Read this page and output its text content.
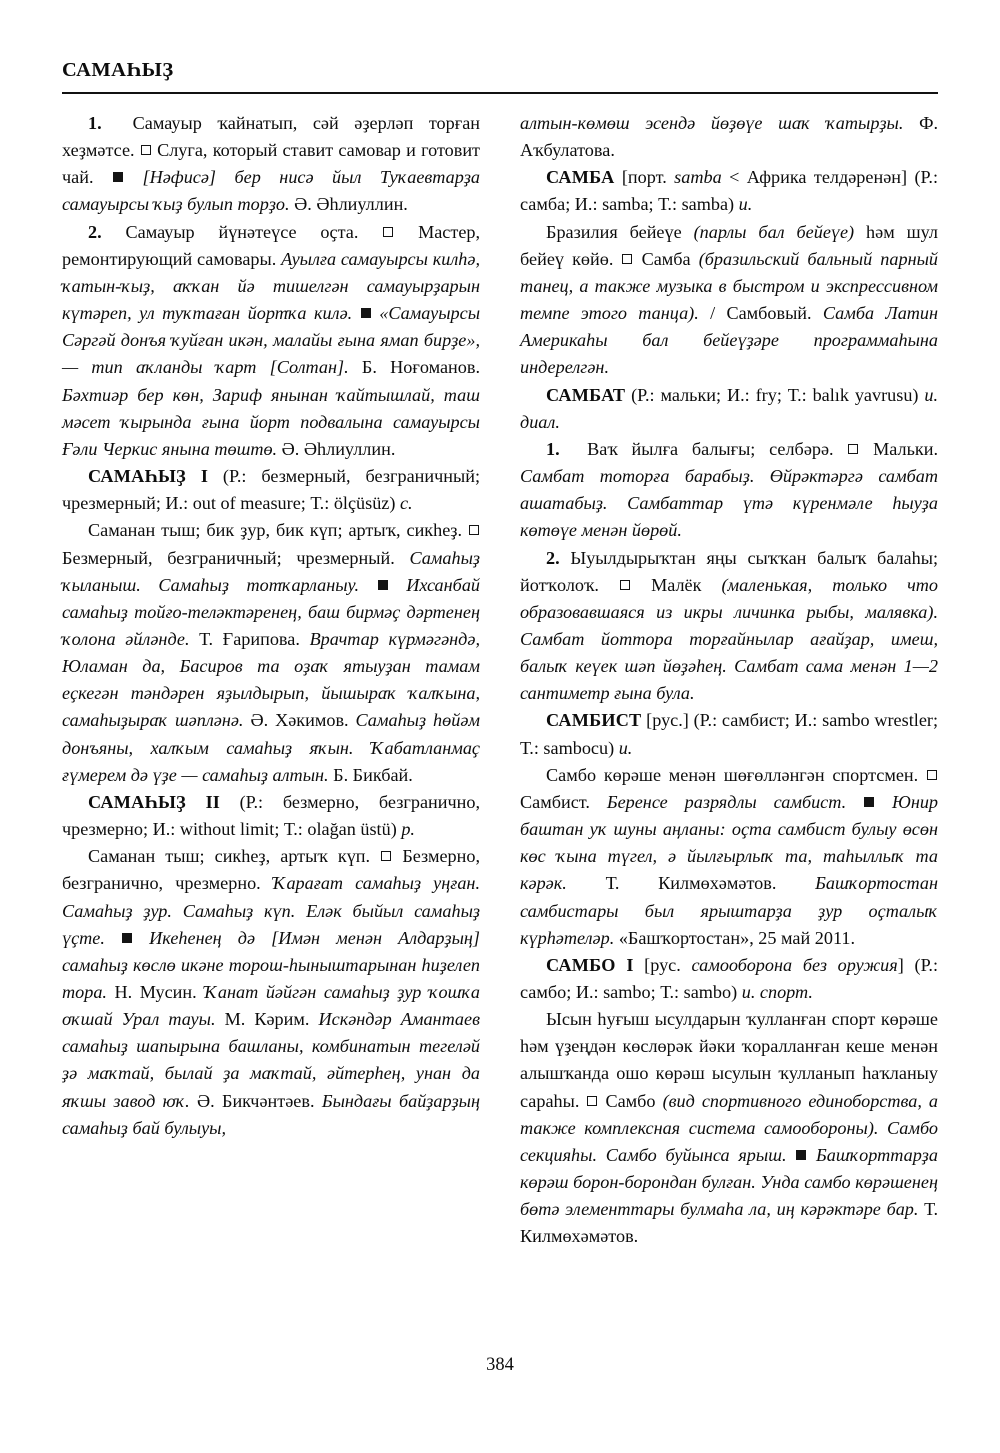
САМАҺЫҘ

1. Самауыр ҡайнатып, сәй әҙерләп торған хеҙмәтсе. Слуга, который ставит самовар и готовит чай.	[Нәфисә] бер нисә йыл Туҡаевтарҙа самауырсы ҡыҙ булып торҙо. Ә. Әһлиуллин.

2. Самауыр йүнәтеүсе оҫта.	Мастер, ремонтирующий самовары. Ауылға самауырсы килһә, ҡатын-ҡыҙ, аҡҡан йә тишелгән самауырҙарын күтәреп, ул туҡтаған йортҡа килә. «Самауырсы Сәргәй донъя ҡуйған икән, малайы ғына ямап бирҙе», — тип аҡланды ҡарт [Солтан]. Б. Ноғоманов. Бәхтиәр бер көн, Зариф янынан ҡайтышлай, таш мәсет ҡырында ғына йорт подвалына самауырсы Ғәли Черкис янына төштө. Ә. Әһлиуллин.

САМАҺЫҘ I (Р.: безмерный, безграничный; чрезмерный; И.: out of measure; Т.: ölçüsüz) с.

Саманан тыш; бик ҙур, бик күп; артыҡ, сикһеҙ.  Безмерный, безграничный; чрезмерный. Самаһыҙ ҡыланыш. Самаһыҙ тотҡарланыу.	Ихсанбай самаһыҙ тойғо-теләктәренең, баш бирмәҫ дәртенең ҡолона әйләнде. Т. Ғарипова. Врачтар күрмәгәндә, Юламан да, Басиров та оҙаҡ ятыуҙан тамам еҫкегән тәндәрен яҙылдырып, йышыраҡ ҡалҡына, самаһыҙыраҡ шәпләнә. Ә. Хәкимов. Самаһыҙ һөйәм донъяны, халҡым самаһыҙ яҡын. Ҡабатланмаҫ ғүмерем дә үҙе — самаһыҙ алтын. Б. Бикбай.

САМАҺЫҘ II (Р.: безмерно, безгранично, чрезмерно; И.: without limit; Т.: olağan üstü) р.

Саманан тыш; сикһеҙ, артыҡ күп. Безмерно, безгранично, чрезмерно. Ҡарағат самаһыҙ уңған. Самаһыҙ ҙур. Самаһыҙ күп. Еләк быйыл самаһыҙ үҫте. Икеһенең дә [Имән менән Алдарҙың] самаһыҙ көслө икәне торош-һыныштарынан һиҙелеп тора. Н. Мусин. Ҡанат йәйгән самаһыҙ ҙур ҡошҡа оҡшай Урал тауы. М. Кәрим. Искәндәр Амантаев самаһыҙ шапырына башланы, комбинатын тегеләй ҙә маҡтай, былай ҙа маҡтай, әйтерһең, унан да яҡшы завод юҡ. Ә. Бикчәнтәев. Бындағы байҙарҙың самаһыҙ бай булыуы,

алтын-көмөш эсендә йөҙөүе шаҡ ҡатырҙы. Ф. Аҡбулатова.

САМБА [порт. samba < Африка телдәренән] (Р.: самба; И.: samba; Т.: samba) и.

Бразилия бейеүе (парлы бал бейеүе) һәм шул бейеү көйө. Самба (бразильский бальный парный танец, а также музыка в быстром и экспрессивном темпе этого танца). / Самбовый. Самба Латин Америкаһы бал бейеүҙәре программаһына индерелгән.

САМБАТ (Р.: мальки; И.: fry; Т.: balık yavrusu) и. диал.

1. Ваҡ йылға балығы; селбәрә. Мальки. Самбат тоторға барабыҙ. Өйрәктәргә самбат ашатабыҙ. Самбаттар үтә күренмәле һыуҙа көтөүе менән йөрөй.

2. Ыуылдырыҡтан яңы сыҡҡан балыҡ балаһы; йотҡолоҡ.	Малёк (маленькая, только что образовавшаяся из икры личинка рыбы, малявка). Самбат йоттора торғайнылар ағайҙар, имеш, балыҡ кеүек шәп йөҙәһең. Самбат сама менән 1—2 сантиметр ғына була.

САМБИСТ [рус.] (Р.: самбист; И.: sambo wrestler; Т.: sambocu) и.

Самбо көрәше менән шөғөлләнгән спортсмен.  Самбист. Беренсе разрядлы самбист.	Юнир баштан уҡ шуны аңланы: оҫта самбист булыу өсөн көс ҡына түгел, ә йылғырлыҡ та, таһыллыҡ та кәрәк. Т. Килмөхәмәтов. Башҡортостан самбистары был ярыштарҙа ҙур оҫталыҡ күрһәтеләр. «Башҡортостан», 25 май 2011.

САМБО I [рус. самооборона без оружия] (Р.: самбо; И.: sambo; Т.: sambo) и. спорт.

Ысын һуғыш ысулдарын ҡулланған спорт көрәше һәм үҙеңдән көслөрәк йәки ҡоралланған кеше менән алышҡанда ошо көрәш ысулын ҡулланып һаҡланыу сараһы. Самбо (вид спортивного единоборства, а также комплексная система самообороны). Самбо секцияһы. Самбо буйынса ярыш. Башҡорттарҙа көрәш борон-борондан булған. Унда самбо көрәшенең бөтә элементтары булмаһа ла, иң кәрәктәре бар. Т. Килмөхәмәтов.

384
